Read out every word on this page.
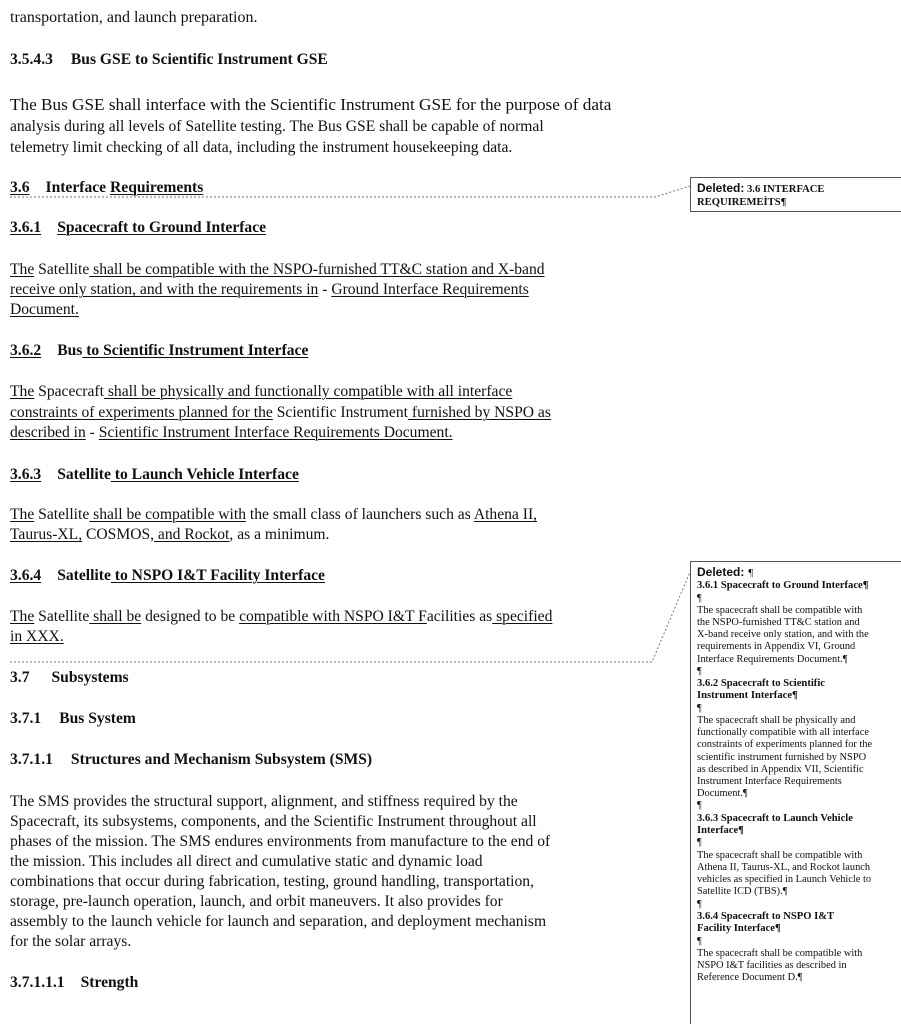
transportation, and launch preparation.
3.5.4.3 Bus GSE to Scientific Instrument GSE
The Bus GSE shall interface with the Scientific Instrument GSE for the purpose of data
analysis during all levels of Satellite testing. The Bus GSE shall be capable of normal
telemetry limit checking of all data, including the instrument housekeeping data.
3.6 Interface Requirements
3.6.1 Spacecraft to Ground Interface
The Satellite shall be compatible with the NSPO-furnished TT&C station and X-band
receive only station, and with the requirements in - Ground Interface Requirements
Document.
3.6.2 Bus to Scientific Instrument Interface
The Spacecraft shall be physically and functionally compatible with all interface
constraints of experiments planned for the Scientific Instrument furnished by NSPO as
described in - Scientific Instrument Interface Requirements Document.
3.6.3 Satellite to Launch Vehicle Interface
The Satellite shall be compatible with the small class of launchers such as Athena II,
Taurus-XL, COSMOS, and Rockot, as a minimum.
3.6.4 Satellite to NSPO I&T Facility Interface
The Satellite shall be designed to be compatible with NSPO I&T Facilities as specified
in XXX.
3.7 Subsystems
3.7.1 Bus System
3.7.1.1 Structures and Mechanism Subsystem (SMS)
The SMS provides the structural support, alignment, and stiffness required by the
Spacecraft, its subsystems, components, and the Scientific Instrument throughout all
phases of the mission. The SMS endures environments from manufacture to the end of
the mission. This includes all direct and cumulative static and dynamic load
combinations that occur during fabrication, testing, ground handling, transportation,
storage, pre-launch operation, launch, and orbit maneuvers. It also provides for
assembly to the launch vehicle for launch and separation, and deployment mechanism
for the solar arrays.
3.7.1.1.1 Strength
Deleted: 3.6 INTERFACE
REQUIREMEÌTS¶
Deleted: ¶
3.6.1 Spacecraft to Ground Interface¶
¶
The spacecraft shall be compatible with
the NSPO-furnished TT&C station and
X-band receive only station, and with the
requirements in Appendix VI, Ground
Interface Requirements Document.¶
¶
3.6.2 Spacecraft to Scientific
Instrument Interface¶
¶
The spacecraft shall be physically and
functionally compatible with all interface
constraints of experiments planned for the
scientific instrument furnished by NSPO
as described in Appendix VII, Scientific
Instrument Interface Requirements
Document.¶
¶
3.6.3 Spacecraft to Launch Vehicle
Interface¶
¶
The spacecraft shall be compatible with
Athena II, Taurus-XL, and Rockot launch
vehicles as specified in Launch Vehicle to
Satellite ICD (TBS).¶
¶
3.6.4 Spacecraft to NSPO I&T
Facility Interface¶
¶
The spacecraft shall be compatible with
NSPO I&T facilities as described in
Reference Document D.¶
